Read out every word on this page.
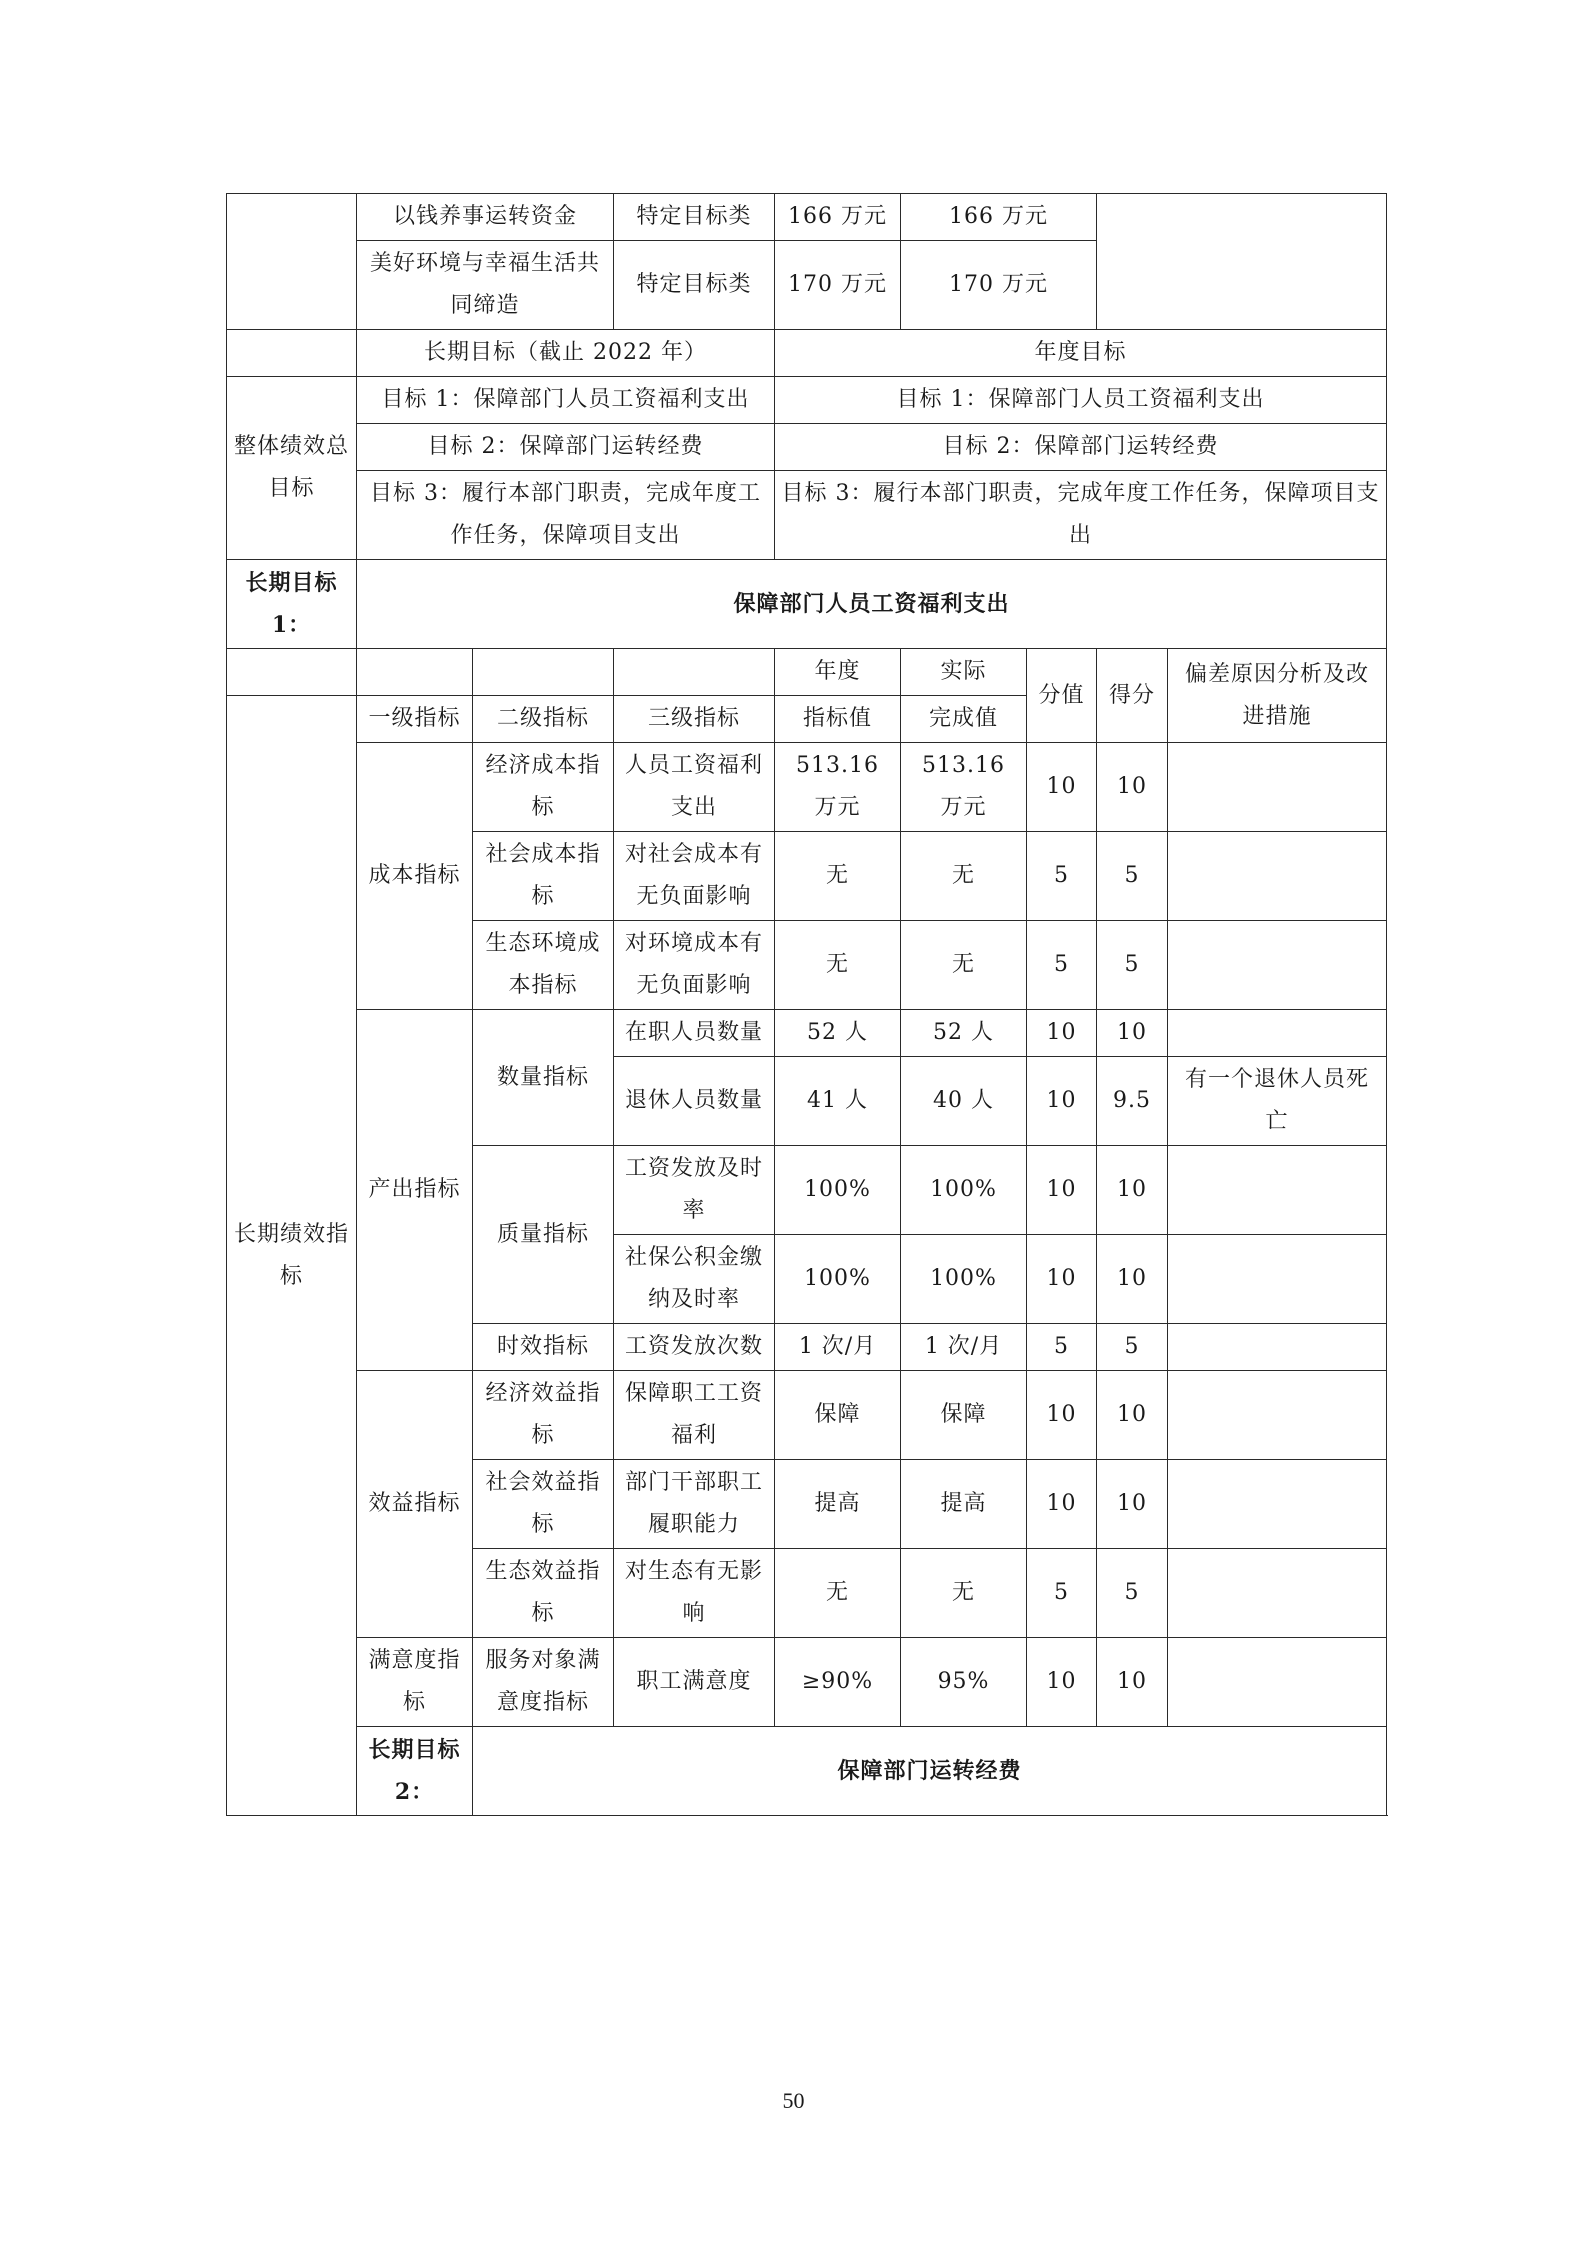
	以钱养事运转资金		特定目标类	166 万元	166 万元			
	美好环境与幸福生活共同缔造		特定目标类	170 万元	170 万元			
	长期目标（截止 2022 年）			年度目标				
整体绩效总目标	目标 1：保障部门人员工资福利支出			目标 1：保障部门人员工资福利支出				
	目标 2：保障部门运转经费			目标 2：保障部门运转经费				
	目标 3：履行本部门职责，完成年度工作任务，保障项目支出			目标 3：履行本部门职责，完成年度工作任务，保障项目支出				
长期目标 1：	保障部门人员工资福利支出							
				年度	实际	分值	得分	偏差原因分析及改进措施
长期绩效指标	一级指标	二级指标	三级指标	指标值	完成值			
	成本指标	经济成本指标	人员工资福利支出	513.16 万元	513.16 万元	10	10	
		社会成本指标	对社会成本有无负面影响	无	无	5	5	
		生态环境成本指标	对环境成本有无负面影响	无	无	5	5	
	产出指标	数量指标	在职人员数量	52 人	52 人	10	10	
			退休人员数量	41 人	40 人	10	9.5	有一个退休人员死亡
		质量指标	工资发放及时率	100%	100%	10	10	
			社保公积金缴纳及时率	100%	100%	10	10	
		时效指标	工资发放次数	1 次/月	1 次/月	5	5	
	效益指标	经济效益指标	保障职工工资 福利	保障	保障	10	10	
		社会效益指标	部门干部职工履职能力	提高	提高	10	10	
		生态效益指标	对生态有无影响	无	无	5	5	
	满意度指标	服务对象满意度指标	职工满意度	≥90%	95%	10	10	
	长期目标 2：	保障部门运转经费						
50
